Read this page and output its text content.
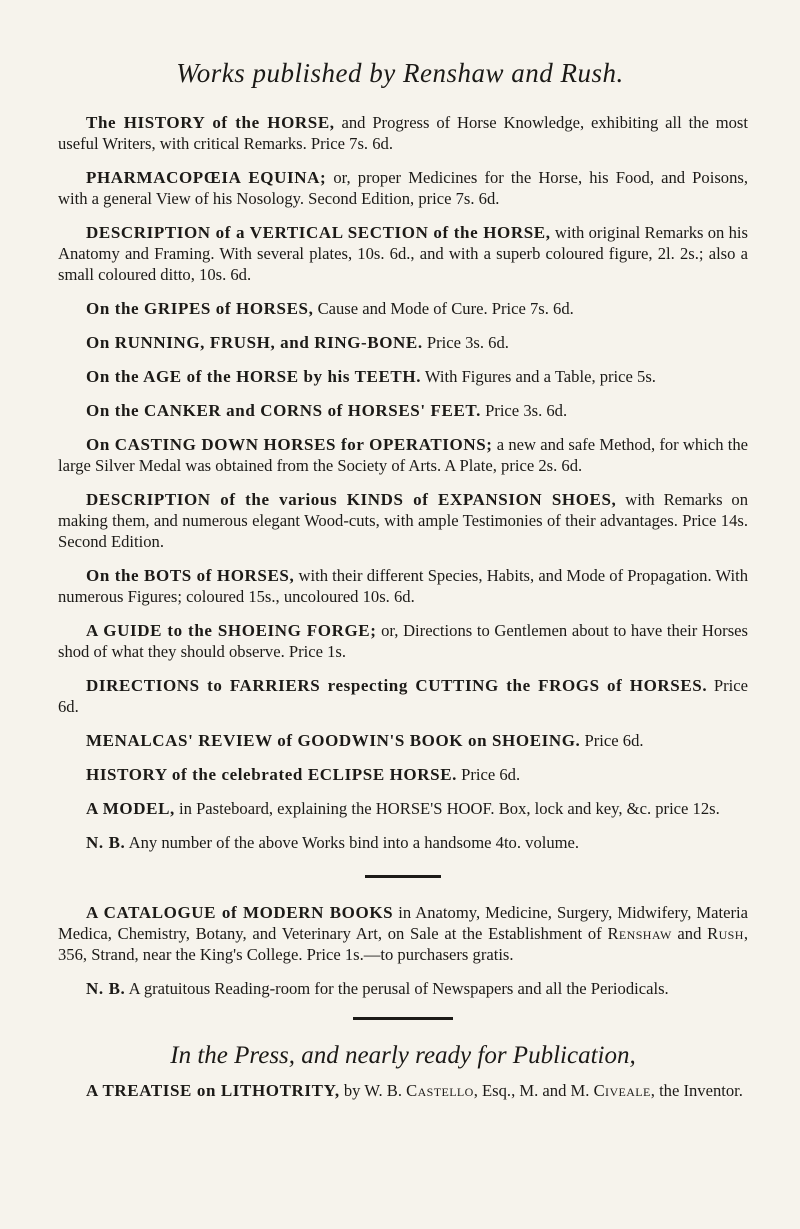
Works published by Renshaw and Rush.

The HISTORY of the HORSE, and Progress of Horse Knowledge, exhibiting all the most useful Writers, with critical Remarks. Price 7s. 6d.

PHARMACOPŒIA EQUINA; or, proper Medicines for the Horse, his Food, and Poisons, with a general View of his Nosology. Second Edition, price 7s. 6d.

DESCRIPTION of a VERTICAL SECTION of the HORSE, with original Remarks on his Anatomy and Framing. With several plates, 10s. 6d., and with a superb coloured figure, 2l. 2s.; also a small coloured ditto, 10s. 6d.

On the GRIPES of HORSES, Cause and Mode of Cure. Price 7s. 6d.

On RUNNING, FRUSH, and RING-BONE. Price 3s. 6d.

On the AGE of the HORSE by his TEETH. With Figures and a Table, price 5s.

On the CANKER and CORNS of HORSES' FEET. Price 3s. 6d.

On CASTING DOWN HORSES for OPERATIONS; a new and safe Method, for which the large Silver Medal was obtained from the Society of Arts. A Plate, price 2s. 6d.

DESCRIPTION of the various KINDS of EXPANSION SHOES, with Remarks on making them, and numerous elegant Wood-cuts, with ample Testimonies of their advantages. Price 14s. Second Edition.

On the BOTS of HORSES, with their different Species, Habits, and Mode of Propagation. With numerous Figures; coloured 15s., uncoloured 10s. 6d.

A GUIDE to the SHOEING FORGE; or, Directions to Gentlemen about to have their Horses shod of what they should observe. Price 1s.

DIRECTIONS to FARRIERS respecting CUTTING the FROGS of HORSES. Price 6d.

MENALCAS' REVIEW of GOODWIN'S BOOK on SHOEING. Price 6d.

HISTORY of the celebrated ECLIPSE HORSE. Price 6d.

A MODEL, in Pasteboard, explaining the HORSE'S HOOF. Box, lock and key, &c. price 12s.

N. B. Any number of the above Works bind into a handsome 4to. volume.

A CATALOGUE of MODERN BOOKS in Anatomy, Medicine, Surgery, Midwifery, Materia Medica, Chemistry, Botany, and Veterinary Art, on Sale at the Establishment of Renshaw and Rush, 356, Strand, near the King's College. Price 1s.—to purchasers gratis.

N. B. A gratuitous Reading-room for the perusal of Newspapers and all the Periodicals.

In the Press, and nearly ready for Publication,

A TREATISE on LITHOTRITY, by W. B. Castello, Esq., M. and M. Civeale, the Inventor.
